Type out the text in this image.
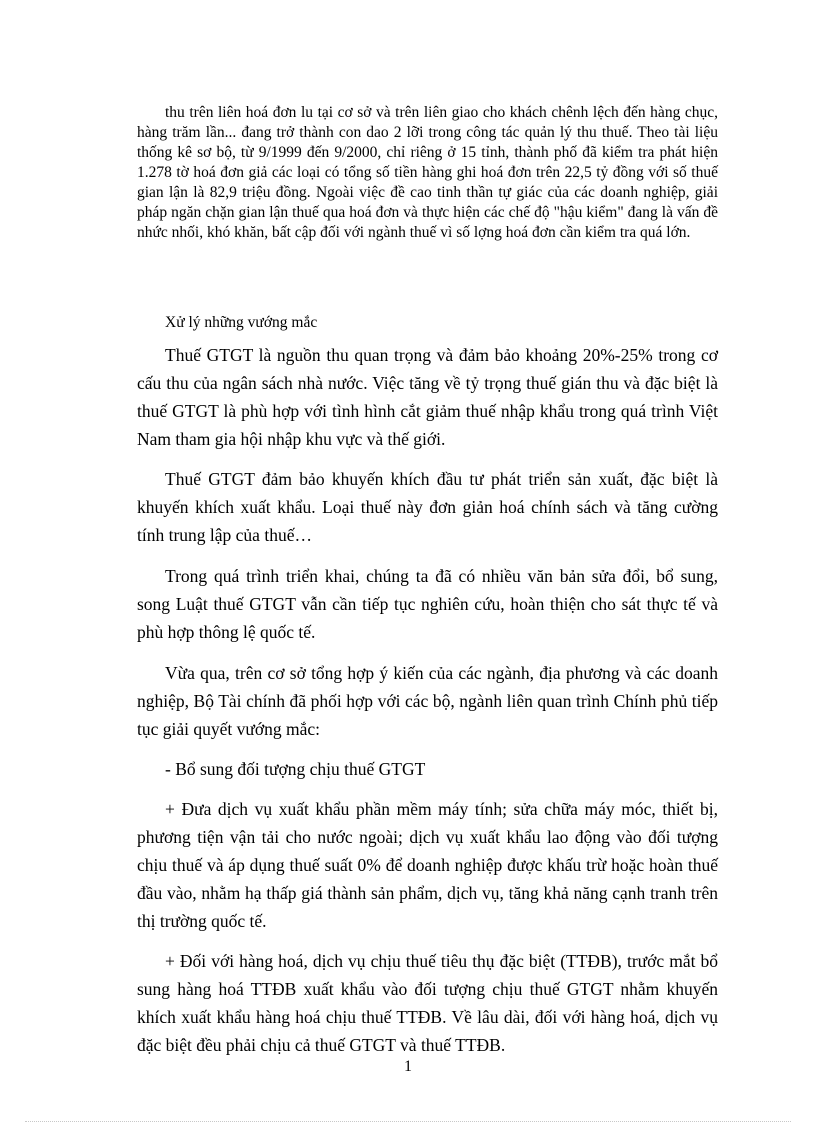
thu trên liên hoá đơn lu tại cơ sở và trên liên giao cho khách chênh lệch đến hàng chục, hàng trăm lần... đang trở thành con dao 2 lỡi trong công tác quản lý thu thuế. Theo tài liệu thống kê sơ bộ, từ 9/1999 đến 9/2000, chỉ riêng ở 15 tỉnh, thành phố đã kiểm tra phát hiện 1.278 tờ hoá đơn giả các loại có tổng số tiền hàng ghi hoá đơn trên 22,5 tỷ đồng với số thuế gian lận là 82,9 triệu đồng. Ngoài việc đề cao tinh thần tự giác của các doanh nghiệp, giải pháp ngăn chặn gian lận thuế qua hoá đơn và thực hiện các chế độ "hậu kiểm" đang là vấn đề nhức nhối, khó khăn, bất cập đối với ngành thuế vì số lợng hoá đơn cần kiểm tra quá lớn.

Xử lý những vướng mắc

Thuế GTGT là nguồn thu quan trọng và đảm bảo khoảng 20%-25% trong cơ cấu thu của ngân sách nhà nước. Việc tăng về tỷ trọng thuế gián thu và đặc biệt là thuế GTGT là phù hợp với tình hình cắt giảm thuế nhập khẩu trong quá trình Việt Nam tham gia hội nhập khu vực và thế giới.

Thuế GTGT đảm bảo khuyến khích đầu tư phát triển sản xuất, đặc biệt là khuyến khích xuất khẩu. Loại thuế này đơn giản hoá chính sách và tăng cường tính trung lập của thuế…

Trong quá trình triển khai, chúng ta đã có nhiều văn bản sửa đổi, bổ sung, song Luật thuế GTGT vẫn cần tiếp tục nghiên cứu, hoàn thiện cho sát thực tế và phù hợp thông lệ quốc tế.

Vừa qua, trên cơ sở tổng hợp ý kiến của các ngành, địa phương và các doanh nghiệp, Bộ Tài chính đã phối hợp với các bộ, ngành liên quan trình Chính phủ tiếp tục giải quyết vướng mắc:

- Bổ sung đối tượng chịu thuế GTGT

+ Đưa dịch vụ xuất khẩu phần mềm máy tính; sửa chữa máy móc, thiết bị, phương tiện vận tải cho nước ngoài; dịch vụ xuất khẩu lao động vào đối tượng chịu thuế và áp dụng thuế suất 0% để doanh nghiệp được khấu trừ hoặc hoàn thuế đầu vào, nhằm hạ thấp giá thành sản phẩm, dịch vụ, tăng khả năng cạnh tranh trên thị trường quốc tế.

+ Đối với hàng hoá, dịch vụ chịu thuế tiêu thụ đặc biệt (TTĐB), trước mắt bổ sung hàng hoá TTĐB xuất khẩu vào đối tượng chịu thuế GTGT nhằm khuyến khích xuất khẩu hàng hoá chịu thuế TTĐB. Về lâu dài, đối với hàng hoá, dịch vụ đặc biệt đều phải chịu cả thuế GTGT và thuế TTĐB.

1
